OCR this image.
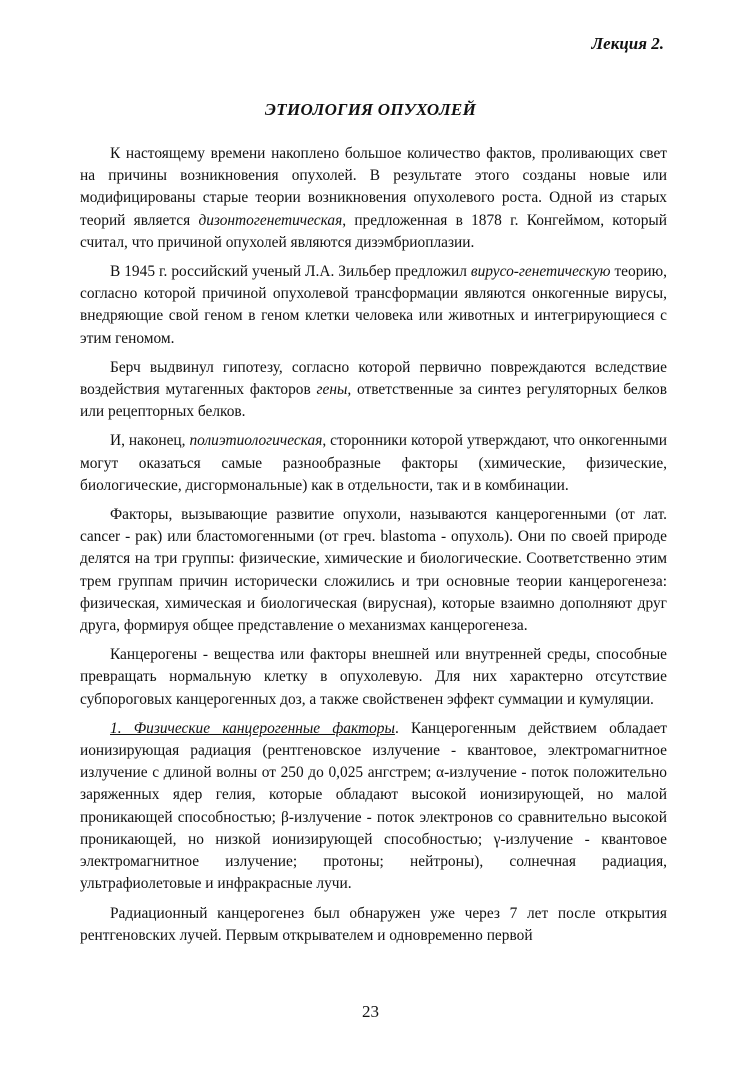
Лекция 2.
ЭТИОЛОГИЯ ОПУХОЛЕЙ

К настоящему времени накоплено большое количество фактов, проливающих свет на причины возникновения опухолей. В результате этого созданы новые или модифицированы старые теории возникновения опухолевого роста. Одной из старых теорий является дизонтогенетическая, предложенная в 1878 г. Конгеймом, который считал, что причиной опухолей являются дизэмбриоплазии.

В 1945 г. российский ученый Л.А. Зильбер предложил вирусо-генетическую теорию, согласно которой причиной опухолевой трансформации являются онкогенные вирусы, внедряющие свой геном в геном клетки человека или животных и интегрирующиеся с этим геномом.

Берч выдвинул гипотезу, согласно которой первично повреждаются вследствие воздействия мутагенных факторов гены, ответственные за синтез регуляторных белков или рецепторных белков.

И, наконец, полиэтиологическая, сторонники которой утверждают, что онкогенными могут оказаться самые разнообразные факторы (химические, физические, биологические, дисгормональные) как в отдельности, так и в комбинации.

Факторы, вызывающие развитие опухоли, называются канцерогенными (от лат. cancer - рак) или бластомогенными (от греч. blastoma - опухоль). Они по своей природе делятся на три группы: физические, химические и биологические. Соответственно этим трем группам причин исторически сложились и три основные теории канцерогенеза: физическая, химическая и биологическая (вирусная), которые взаимно дополняют друг друга, формируя общее представление о механизмах канцерогенеза.

Канцерогены - вещества или факторы внешней или внутренней среды, способные превращать нормальную клетку в опухолевую. Для них характерно отсутствие субпороговых канцерогенных доз, а также свойственен эффект суммации и кумуляции.

1. Физические канцерогенные факторы. Канцерогенным действием обладает ионизирующая радиация (рентгеновское излучение - квантовое, электромагнитное излучение с длиной волны от 250 до 0,025 ангстрем; α-излучение - поток положительно заряженных ядер гелия, которые обладают высокой ионизирующей, но малой проникающей способностью; β-излучение - поток электронов со сравнительно высокой проникающей, но низкой ионизирующей способностью; γ-излучение - квантовое электромагнитное излучение; протоны; нейтроны), солнечная радиация, ультрафиолетовые и инфракрасные лучи.

Радиационный канцерогенез был обнаружен уже через 7 лет после открытия рентгеновских лучей. Первым открывателем и одновременно первой

23
